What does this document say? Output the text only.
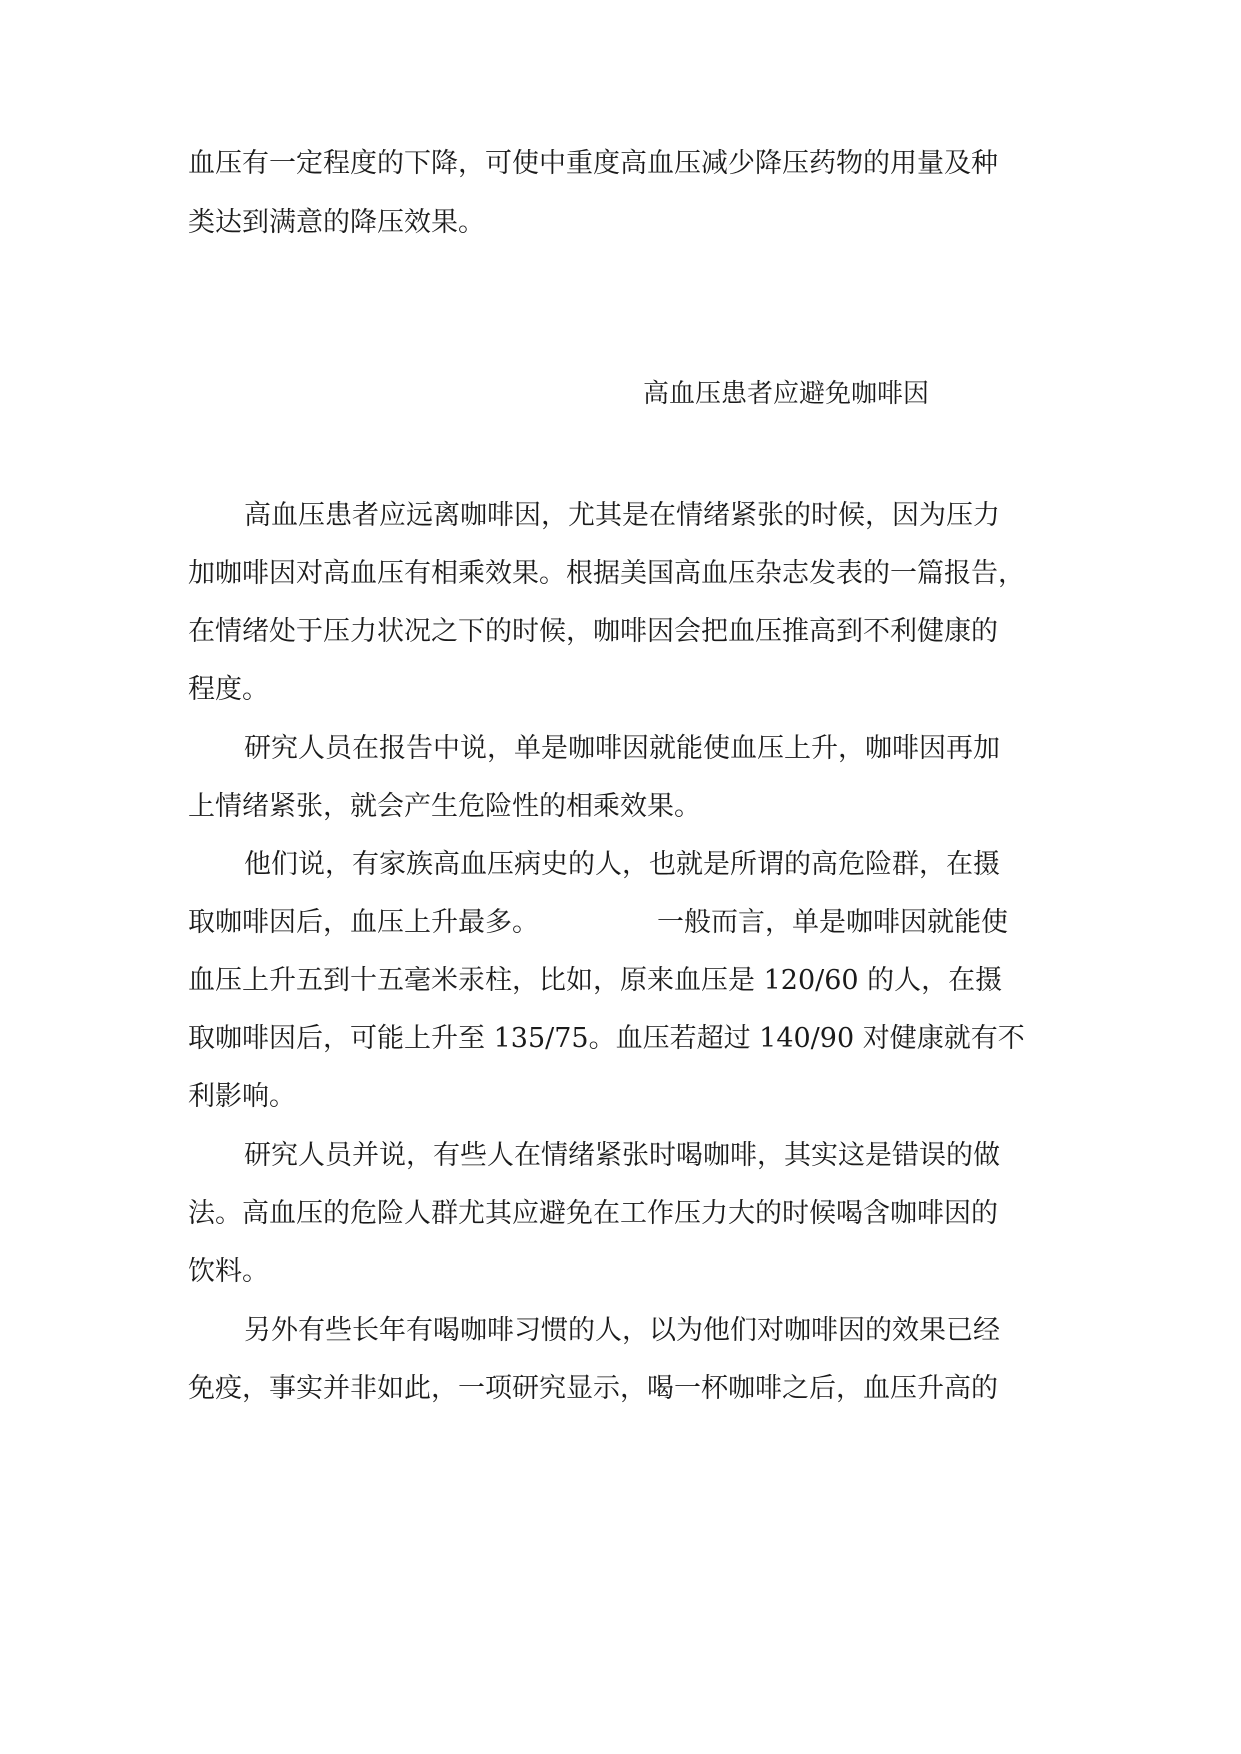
血压有一定程度的下降，可使中重度高血压减少降压药物的用量及种
类达到满意的降压效果。
高血压患者应避免咖啡因
高血压患者应远离咖啡因，尤其是在情绪紧张的时候，因为压力
加咖啡因对高血压有相乘效果。根据美国高血压杂志发表的一篇报告，
在情绪处于压力状况之下的时候，咖啡因会把血压推高到不利健康的
程度。
研究人员在报告中说，单是咖啡因就能使血压上升，咖啡因再加
上情绪紧张，就会产生危险性的相乘效果。
他们说，有家族高血压病史的人，也就是所谓的高危险群，在摄
取咖啡因后，血压上升最多。	一般而言，单是咖啡因就能使
血压上升五到十五毫米汞柱，比如，原来血压是 120/60 的人，在摄
取咖啡因后，可能上升至 135/75。血压若超过 140/90 对健康就有不
利影响。
研究人员并说，有些人在情绪紧张时喝咖啡，其实这是错误的做
法。高血压的危险人群尤其应避免在工作压力大的时候喝含咖啡因的
饮料。
另外有些长年有喝咖啡习惯的人，以为他们对咖啡因的效果已经
免疫，事实并非如此，一项研究显示，喝一杯咖啡之后，血压升高的
